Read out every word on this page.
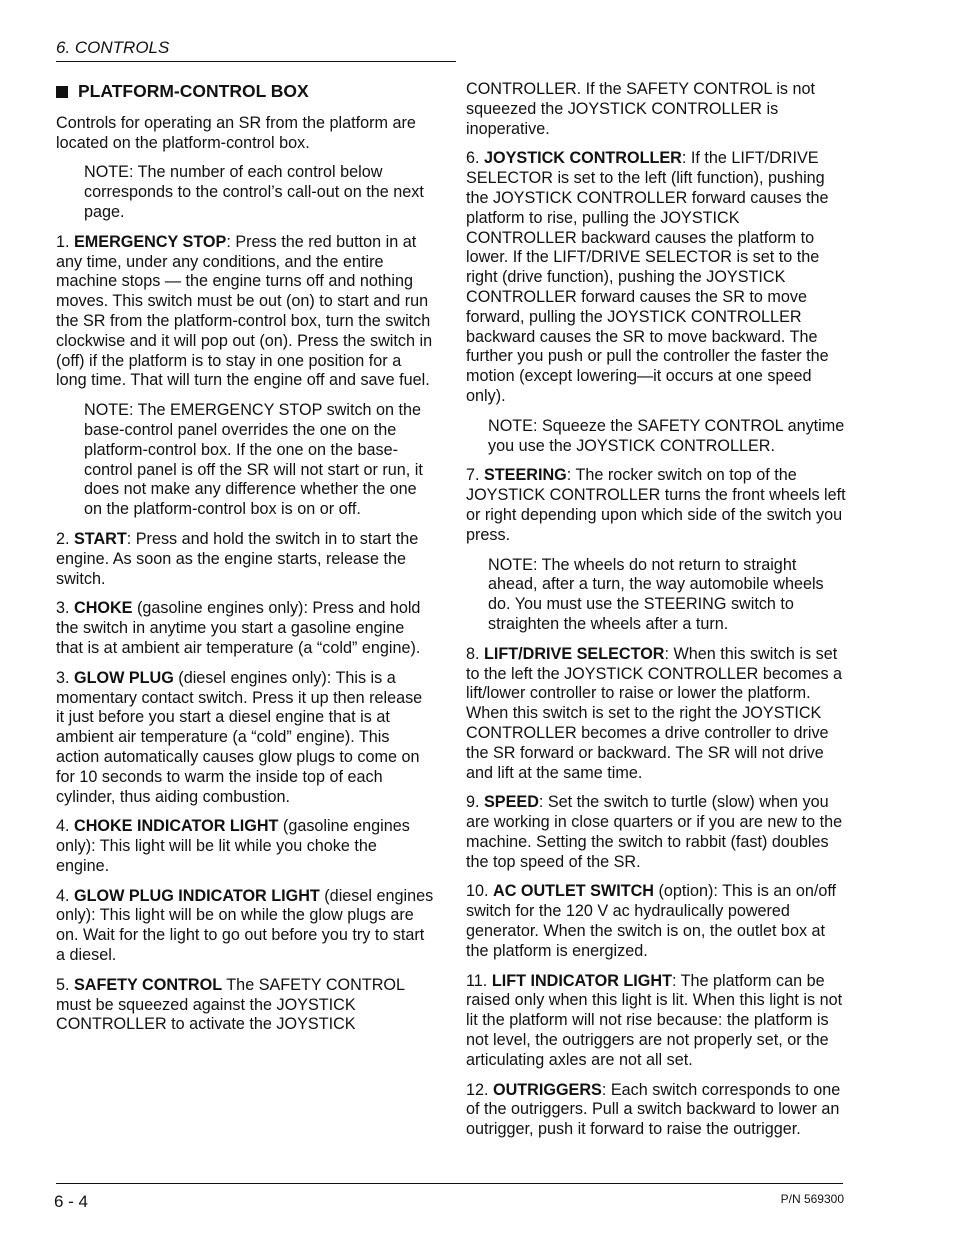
6. CONTROLS
PLATFORM-CONTROL BOX

Controls for operating an SR from the platform are located on the platform-control box.

NOTE: The number of each control below corresponds to the control’s call-out on the next page.

1. EMERGENCY STOP: Press the red button in at any time, under any conditions, and the entire machine stops — the engine turns off and nothing moves. This switch must be out (on) to start and run the SR from the platform-control box, turn the switch clockwise and it will pop out (on). Press the switch in (off) if the platform is to stay in one position for a long time. That will turn the engine off and save fuel.

NOTE: The EMERGENCY STOP switch on the base-control panel overrides the one on the platform-control box. If the one on the base-control panel is off the SR will not start or run, it does not make any difference whether the one on the platform-control box is on or off.

2. START: Press and hold the switch in to start the engine. As soon as the engine starts, release the switch.

3. CHOKE (gasoline engines only): Press and hold the switch in anytime you start a gasoline engine that is at ambient air temperature (a “cold” engine).

3. GLOW PLUG (diesel engines only): This is a momentary contact switch. Press it up then release it just before you start a diesel engine that is at ambient air temperature (a “cold” engine). This action automatically causes glow plugs to come on for 10 seconds to warm the inside top of each cylinder, thus aiding combustion.

4. CHOKE INDICATOR LIGHT (gasoline engines only): This light will be lit while you choke the engine.

4. GLOW PLUG INDICATOR LIGHT (diesel engines only): This light will be on while the glow plugs are on. Wait for the light to go out before you try to start a diesel.

5. SAFETY CONTROL The SAFETY CONTROL must be squeezed against the JOYSTICK CONTROLLER to activate the JOYSTICK

CONTROLLER. If the SAFETY CONTROL is not squeezed the JOYSTICK CONTROLLER is inoperative.

6. JOYSTICK CONTROLLER: If the LIFT/DRIVE SELECTOR is set to the left (lift function), pushing the JOYSTICK CONTROLLER forward causes the platform to rise, pulling the JOYSTICK CONTROLLER backward causes the platform to lower. If the LIFT/DRIVE SELECTOR is set to the right (drive function), pushing the JOYSTICK CONTROLLER forward causes the SR to move forward, pulling the JOYSTICK CONTROLLER backward causes the SR to move backward. The further you push or pull the controller the faster the motion (except lowering—it occurs at one speed only).

NOTE: Squeeze the SAFETY CONTROL anytime you use the JOYSTICK CONTROLLER.

7. STEERING: The rocker switch on top of the JOYSTICK CONTROLLER turns the front wheels left or right depending upon which side of the switch you press.

NOTE: The wheels do not return to straight ahead, after a turn, the way automobile wheels do. You must use the STEERING switch to straighten the wheels after a turn.

8. LIFT/DRIVE SELECTOR: When this switch is set to the left the JOYSTICK CONTROLLER becomes a lift/lower controller to raise or lower the platform. When this switch is set to the right the JOYSTICK CONTROLLER becomes a drive controller to drive the SR forward or backward. The SR will not drive and lift at the same time.

9. SPEED: Set the switch to turtle (slow) when you are working in close quarters or if you are new to the machine. Setting the switch to rabbit (fast) doubles the top speed of the SR.

10. AC OUTLET SWITCH (option): This is an on/off switch for the 120 V ac hydraulically powered generator. When the switch is on, the outlet box at the platform is energized.

11. LIFT INDICATOR LIGHT: The platform can be raised only when this light is lit. When this light is not lit the platform will not rise because: the platform is not level, the outriggers are not properly set, or the articulating axles are not all set.

12. OUTRIGGERS: Each switch corresponds to one of the outriggers. Pull a switch backward to lower an outrigger, push it forward to raise the outrigger.

6 - 4	P/N 569300
